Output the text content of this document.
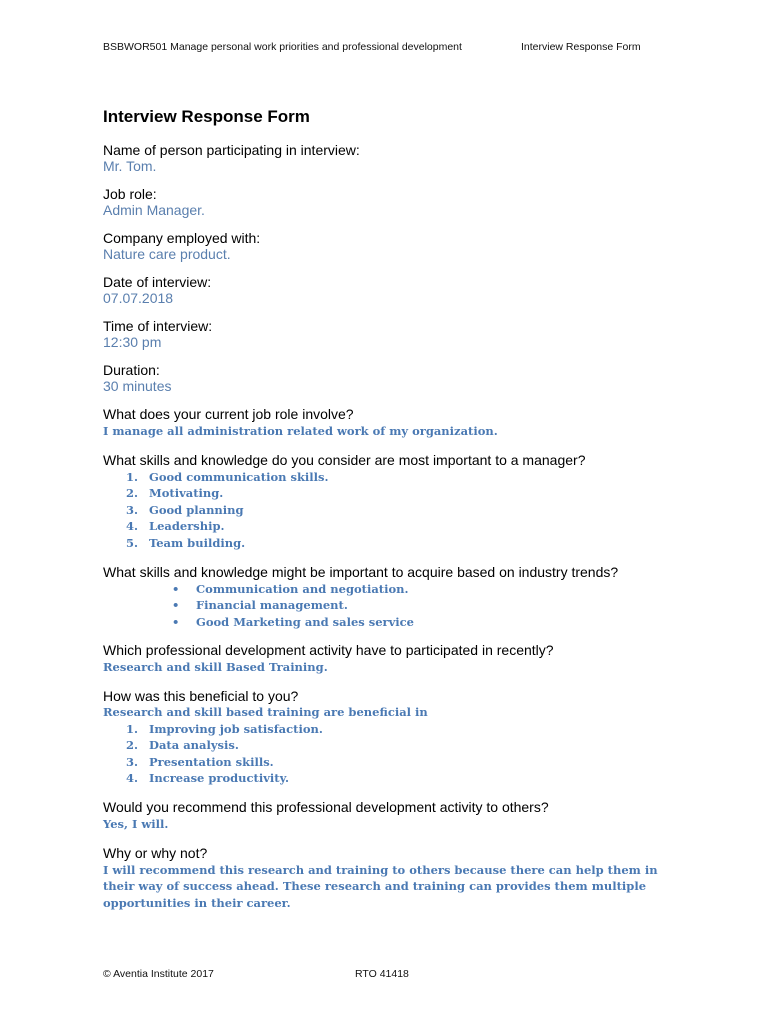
BSBWOR501 Manage personal work priorities and professional development	Interview Response Form
Interview Response Form
Name of person participating in interview:
Mr. Tom.
Job role:
Admin Manager.
Company employed with:
Nature care product.
Date of interview:
07.07.2018
Time of interview:
12:30 pm
Duration:
30 minutes
What does your current job role involve?
I manage all administration related work of my organization.
What skills and knowledge do you consider are most important to a manager?
1. Good communication skills.
2. Motivating.
3. Good planning
4. Leadership.
5. Team building.
What skills and knowledge might be important to acquire based on industry trends?
• Communication and negotiation.
• Financial management.
• Good Marketing and sales service
Which professional development activity have to participated in recently?
Research and skill Based Training.
How was this beneficial to you?
Research and skill based training are beneficial in
1. Improving job satisfaction.
2. Data analysis.
3. Presentation skills.
4. Increase productivity.
Would you recommend this professional development activity to others?
Yes, I will.
Why or why not?
I will recommend this research and training to others because there can help them in their way of success ahead. These research and training can provides them multiple opportunities in their career.
© Aventia Institute 2017	RTO 41418
